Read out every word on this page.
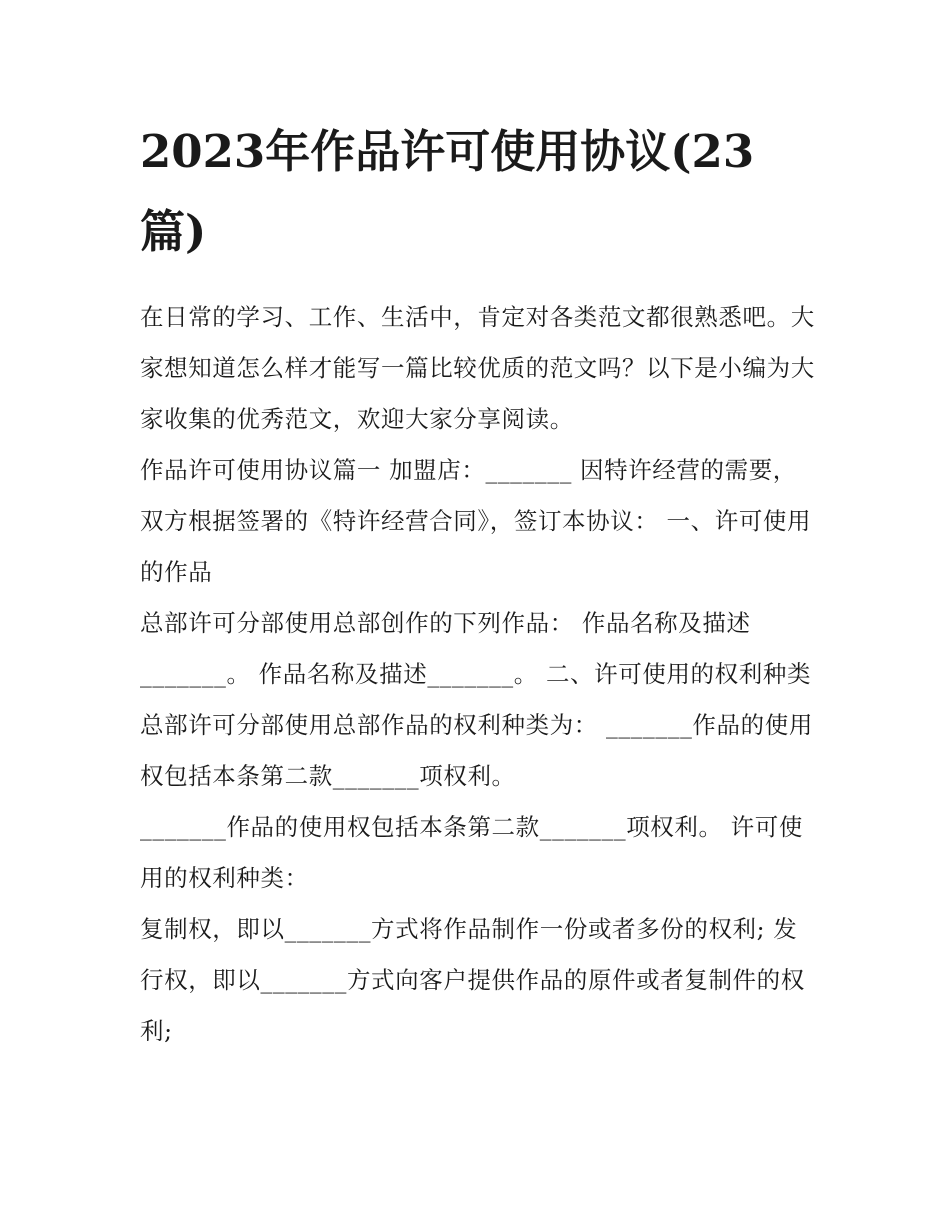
2023年作品许可使用协议(23篇)

在日常的学习、工作、生活中，肯定对各类范文都很熟悉吧。大家想知道怎么样才能写一篇比较优质的范文吗？以下是小编为大家收集的优秀范文，欢迎大家分享阅读。

作品许可使用协议篇一 加盟店：_______ 因特许经营的需要，双方根据签署的《特许经营合同》，签订本协议： 一、许可使用的作品

总部许可分部使用总部创作的下列作品： 作品名称及描述_______。 作品名称及描述_______。 二、许可使用的权利种类

总部许可分部使用总部作品的权利种类为： _______作品的使用权包括本条第二款_______项权利。

_______作品的使用权包括本条第二款_______项权利。 许可使用的权利种类：

复制权，即以_______方式将作品制作一份或者多份的权利; 发行权，即以_______方式向客户提供作品的原件或者复制件的权利;
